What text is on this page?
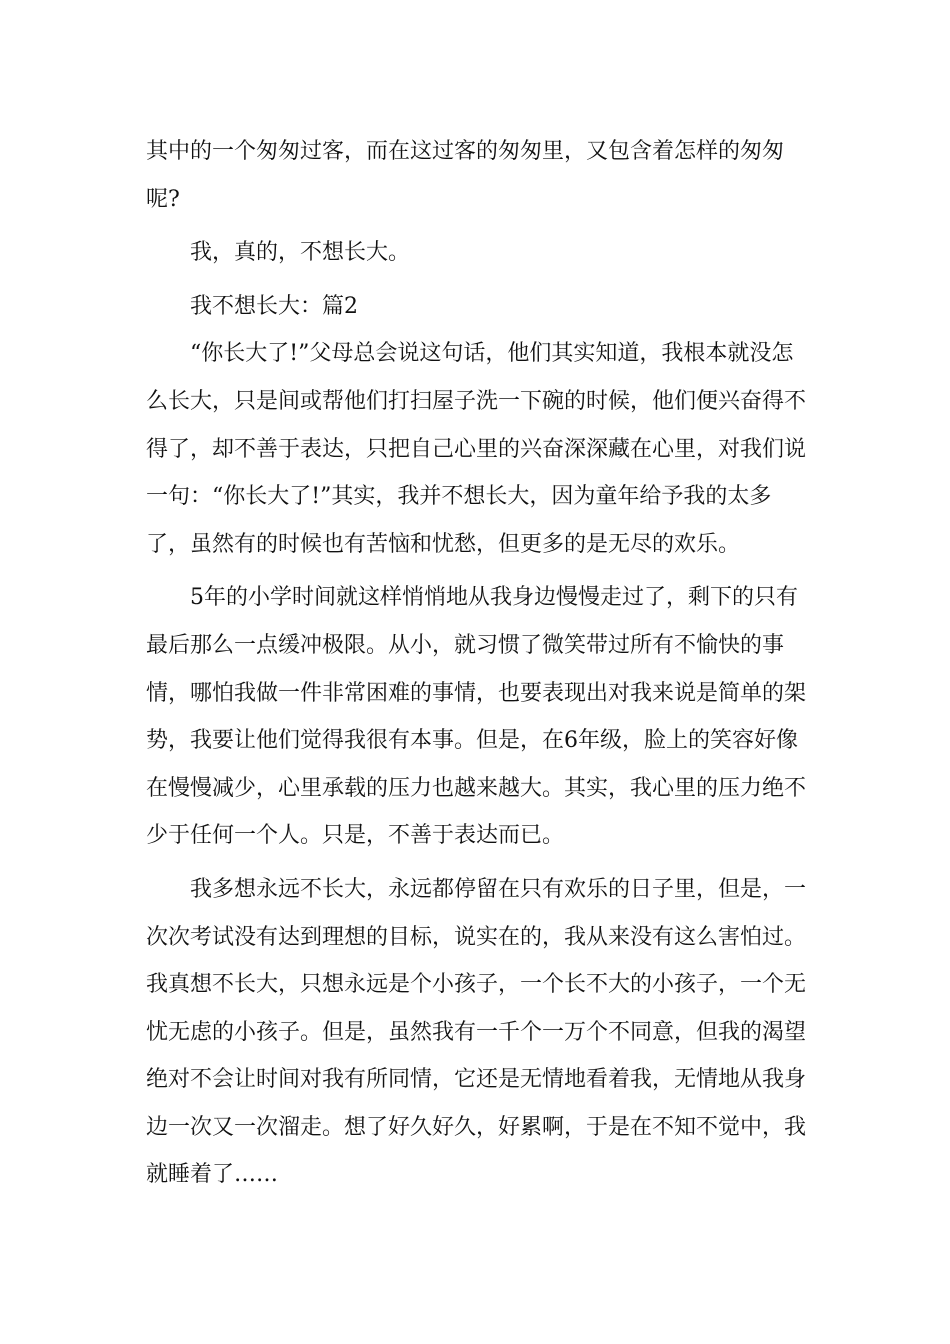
其中的一个匆匆过客，而在这过客的匆匆里，又包含着怎样的匆匆呢?

我，真的，不想长大。

我不想长大：篇2

“你长大了!”父母总会说这句话，他们其实知道，我根本就没怎么长大，只是间或帮他们打扫屋子洗一下碗的时候，他们便兴奋得不得了，却不善于表达，只把自己心里的兴奋深深藏在心里，对我们说一句：“你长大了!”其实，我并不想长大，因为童年给予我的太多了，虽然有的时候也有苦恼和忧愁，但更多的是无尽的欢乐。

5年的小学时间就这样悄悄地从我身边慢慢走过了，剩下的只有最后那么一点缓冲极限。从小，就习惯了微笑带过所有不愉快的事情，哪怕我做一件非常困难的事情，也要表现出对我来说是简单的架势，我要让他们觉得我很有本事。但是，在6年级，脸上的笑容好像在慢慢减少，心里承载的压力也越来越大。其实，我心里的压力绝不少于任何一个人。只是，不善于表达而已。

我多想永远不长大，永远都停留在只有欢乐的日子里，但是，一次次考试没有达到理想的目标，说实在的，我从来没有这么害怕过。我真想不长大，只想永远是个小孩子，一个长不大的小孩子，一个无忧无虑的小孩子。但是，虽然我有一千个一万个不同意，但我的渴望绝对不会让时间对我有所同情，它还是无情地看着我，无情地从我身边一次又一次溜走。想了好久好久，好累啊，于是在不知不觉中，我就睡着了……
